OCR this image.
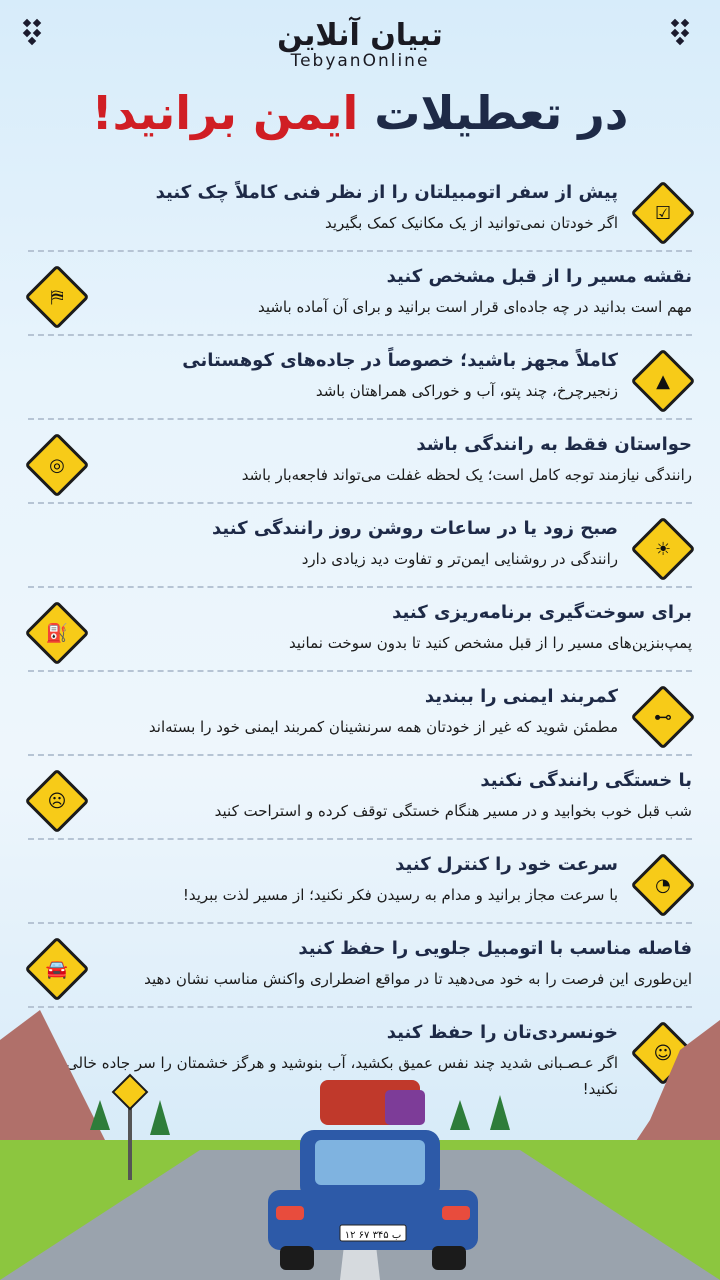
تبیان آنلاین
TebyanOnline
در تعطیلات ایمن برانید!
☑
پیش از سفر اتومبیلتان را از نظر فنی کاملاً چک کنید
اگر خودتان نمی‌توانید از یک مکانیک کمک بگیرید
⛿
نقشه مسیر را از قبل مشخص کنید
مهم است بدانید در چه جاده‌ای قرار است برانید و برای آن آماده باشید
▲
کاملاً مجهز باشید؛ خصوصاً در جاده‌های کوهستانی
زنجیرچرخ، چند پتو، آب و خوراکی همراهتان باشد
◎
حواستان فقط به رانندگی باشد
رانندگی نیازمند توجه کامل است؛ یک لحظه غفلت می‌تواند فاجعه‌بار باشد
☀
صبح زود یا در ساعات روشن روز رانندگی کنید
رانندگی در روشنایی ایمن‌تر و تفاوت دید زیادی دارد
⛽
برای سوخت‌گیری برنامه‌ریزی کنید
پمپ‌بنزین‌های مسیر را از قبل مشخص کنید تا بدون سوخت نمانید
⊶
کمربند ایمنی را ببندید
مطمئن شوید که غیر از خودتان همه سرنشینان کمربند ایمنی خود را بسته‌اند
☹
با خستگی رانندگی نکنید
شب قبل خوب بخوابید و در مسیر هنگام خستگی توقف کرده و استراحت کنید
◔
سرعت خود را کنترل کنید
با سرعت مجاز برانید و مدام به رسیدن فکر نکنید؛ از مسیر لذت ببرید!
🚘
فاصله مناسب با اتومبیل جلویی را حفظ کنید
این‌طوری این فرصت را به خود می‌دهید تا در مواقع اضطراری واکنش مناسب نشان دهید
☺
خونسردی‌تان را حفظ کنید
اگر عـصـبانی شدید چند نفس عمیق بکشید، آب بنوشید و هرگز خشمتان را سر جاده خالی نکنید!
۱۲ ب ۳۴۵ ۶۷
